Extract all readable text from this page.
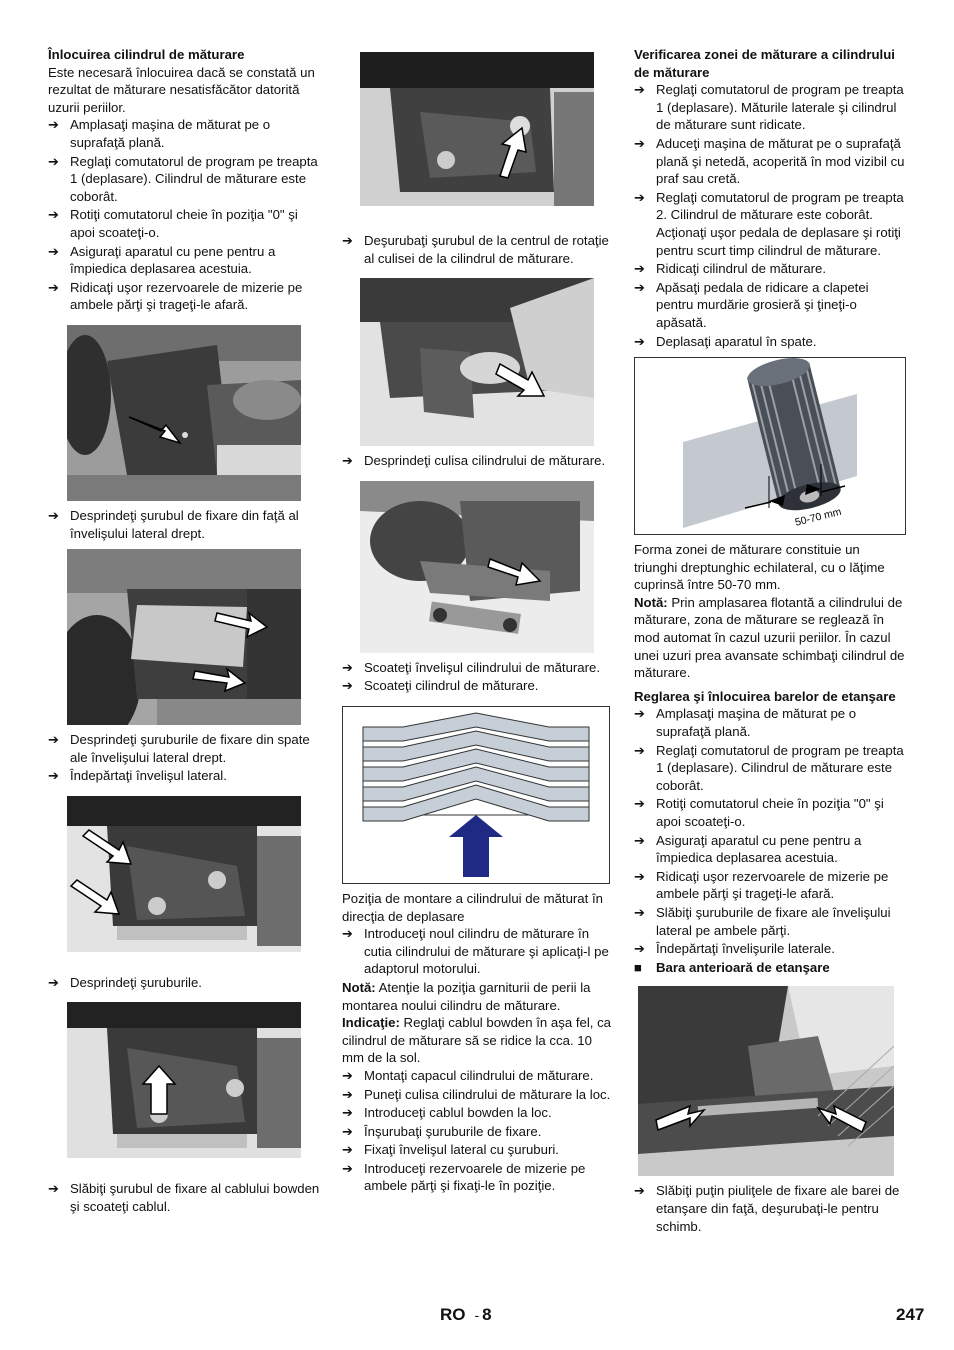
Înlocuirea cilindrul de măturare

Este necesară înlocuirea dacă se constată un rezultat de măturare nesatisfăcător datorită uzurii periilor.

➔ Amplasaţi maşina de măturat pe o suprafaţă plană.
➔ Reglaţi comutatorul de program pe treapta 1 (deplasare). Cilindrul de măturare este coborât.
➔ Rotiţi comutatorul cheie în poziţia "0" şi apoi scoateţi-o.
➔ Asiguraţi aparatul cu pene pentru a împiedica deplasarea acestuia.
➔ Ridicaţi uşor rezervoarele de mizerie pe ambele părţi şi trageţi-le afară.
➔ Desprindeţi şurubul de fixare din faţă al învelişului lateral drept.
➔ Desprindeţi şuruburile de fixare din spate ale învelişului lateral drept.
➔ Îndepărtaţi învelişul lateral.
➔ Desprindeţi şuruburile.
➔ Slăbiţi şurubul de fixare al cablului bowden şi scoateţi cablul.
➔ Deşurubaţi şurubul de la centrul de rotaţie al culisei de la cilindrul de măturare.
➔ Desprindeţi culisa cilindrului de măturare.
➔ Scoateţi învelişul cilindrului de măturare.
➔ Scoateţi cilindrul de măturare.

Poziţia de montare a cilindrului de măturat în direcţia de deplasare

➔ Introduceţi noul cilindru de măturare în cutia cilindrului de măturare şi aplicaţi-l pe adaptorul motorului.

Notă: Atenţie la poziţia garniturii de perii la montarea noului cilindru de măturare.

Indicaţie: Reglaţi cablul bowden în aşa fel, ca cilindrul de măturare să se ridice la cca. 10 mm de la sol.

➔ Montaţi capacul cilindrului de măturare.
➔ Puneţi culisa cilindrului de măturare la loc.
➔ Introduceţi cablul bowden la loc.
➔ Înşurubaţi şuruburile de fixare.
➔ Fixaţi învelişul lateral cu şuruburi.
➔ Introduceţi rezervoarele de mizerie pe ambele părţi şi fixaţi-le în poziţie.
Verificarea zonei de măturare a cilindrului de măturare
➔ Reglaţi comutatorul de program pe treapta 1 (deplasare). Măturile laterale şi cilindrul de măturare sunt ridicate.
➔ Aduceţi maşina de măturat pe o suprafaţă plană şi netedă, acoperită în mod vizibil cu praf sau cretă.
➔ Reglaţi comutatorul de program pe treapta 2. Cilindrul de măturare este coborât. Acţionaţi uşor pedala de deplasare şi rotiţi pentru scurt timp cilindrul de măturare.
➔ Ridicaţi cilindrul de măturare.
➔ Apăsaţi pedala de ridicare a clapetei pentru murdărie grosieră şi ţineţi-o apăsată.
➔ Deplasaţi aparatul în spate.
50-70 mm

Forma zonei de măturare constituie un triunghi dreptunghic echilateral, cu o lăţime cuprinsă între 50-70 mm.

Notă: Prin amplasarea flotantă a cilindrului de măturare, zona de măturare se reglează în mod automat în cazul uzurii periilor. În cazul unei uzuri prea avansate schimbaţi cilindrul de măturare.

Reglarea şi înlocuirea barelor de etanşare
➔ Amplasaţi maşina de măturat pe o suprafaţă plană.
➔ Reglaţi comutatorul de program pe treapta 1 (deplasare). Cilindrul de măturare este coborât.
➔ Rotiţi comutatorul cheie în poziţia "0" şi apoi scoateţi-o.
➔ Asiguraţi aparatul cu pene pentru a împiedica deplasarea acestuia.
➔ Ridicaţi uşor rezervoarele de mizerie pe ambele părţi şi trageţi-le afară.
➔ Slăbiţi şuruburile de fixare ale învelişului lateral pe ambele părţi.
➔ Îndepărtaţi învelişurile laterale.
■ Bara anterioară de etanşare
➔ Slăbiţi puţin piuliţele de fixare ale barei de etanşare din faţă, deşurubaţi-le pentru schimb.
RO - 8	247
